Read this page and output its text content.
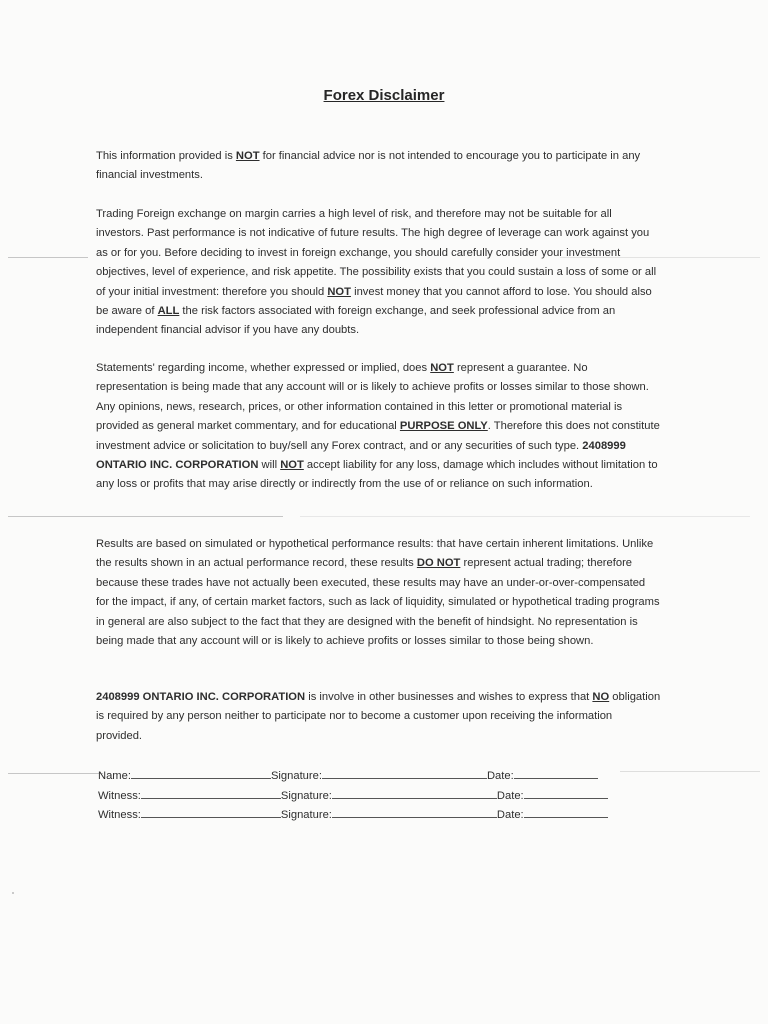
Forex Disclaimer
This information provided is NOT for financial advice nor is not intended to encourage you to participate in any financial investments.
Trading Foreign exchange on margin carries a high level of risk, and therefore may not be suitable for all investors. Past performance is not indicative of future results. The high degree of leverage can work against you as or for you. Before deciding to invest in foreign exchange, you should carefully consider your investment objectives, level of experience, and risk appetite. The possibility exists that you could sustain a loss of some or all of your initial investment: therefore you should NOT invest money that you cannot afford to lose. You should also be aware of ALL the risk factors associated with foreign exchange, and seek professional advice from an independent financial advisor if you have any doubts.
Statements' regarding income, whether expressed or implied, does NOT represent a guarantee. No representation is being made that any account will or is likely to achieve profits or losses similar to those shown. Any opinions, news, research, prices, or other information contained in this letter or promotional material is provided as general market commentary, and for educational PURPOSE ONLY. Therefore this does not constitute investment advice or solicitation to buy/sell any Forex contract, and or any securities of such type. 2408999 ONTARIO INC. CORPORATION will NOT accept liability for any loss, damage which includes without limitation to any loss or profits that may arise directly or indirectly from the use of or reliance on such information.
Results are based on simulated or hypothetical performance results: that have certain inherent limitations. Unlike the results shown in an actual performance record, these results DO NOT represent actual trading; therefore because these trades have not actually been executed, these results may have an under-or-over-compensated for the impact, if any, of certain market factors, such as lack of liquidity, simulated or hypothetical trading programs in general are also subject to the fact that they are designed with the benefit of hindsight. No representation is being made that any account will or is likely to achieve profits or losses similar to those being shown.
2408999 ONTARIO INC. CORPORATION is involve in other businesses and wishes to express that NO obligation is required by any person neither to participate nor to become a customer upon receiving the information provided.
Name:	Signature:	Date:
Witness:	Signature:	Date:
Witness:	Signature:	Date:
